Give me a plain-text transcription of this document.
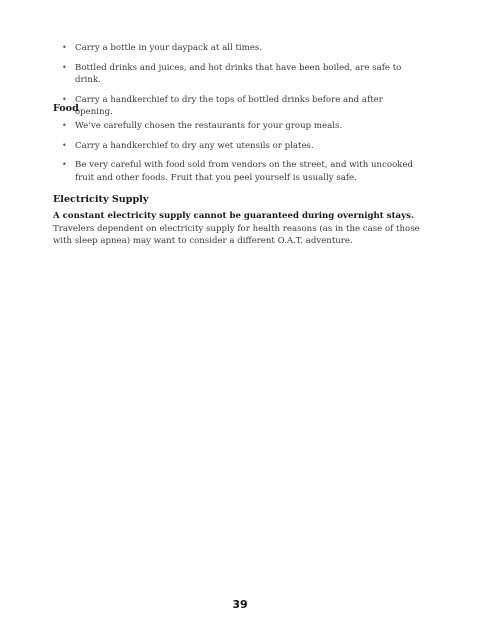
• Carry a bottle in your daypack at all times.
• Bottled drinks and juices, and hot drinks that have been boiled, are safe to drink.
• Carry a handkerchief to dry the tops of bottled drinks before and after opening.
Food
• We’ve carefully chosen the restaurants for your group meals.
• Carry a handkerchief to dry any wet utensils or plates.
• Be very careful with food sold from vendors on the street, and with uncooked fruit and other foods. Fruit that you peel yourself is usually safe.
Electricity Supply

A constant electricity supply cannot be guaranteed during overnight stays. Travelers dependent on electricity supply for health reasons (as in the case of those with sleep apnea) may want to consider a different O.A.T. adventure.

39
